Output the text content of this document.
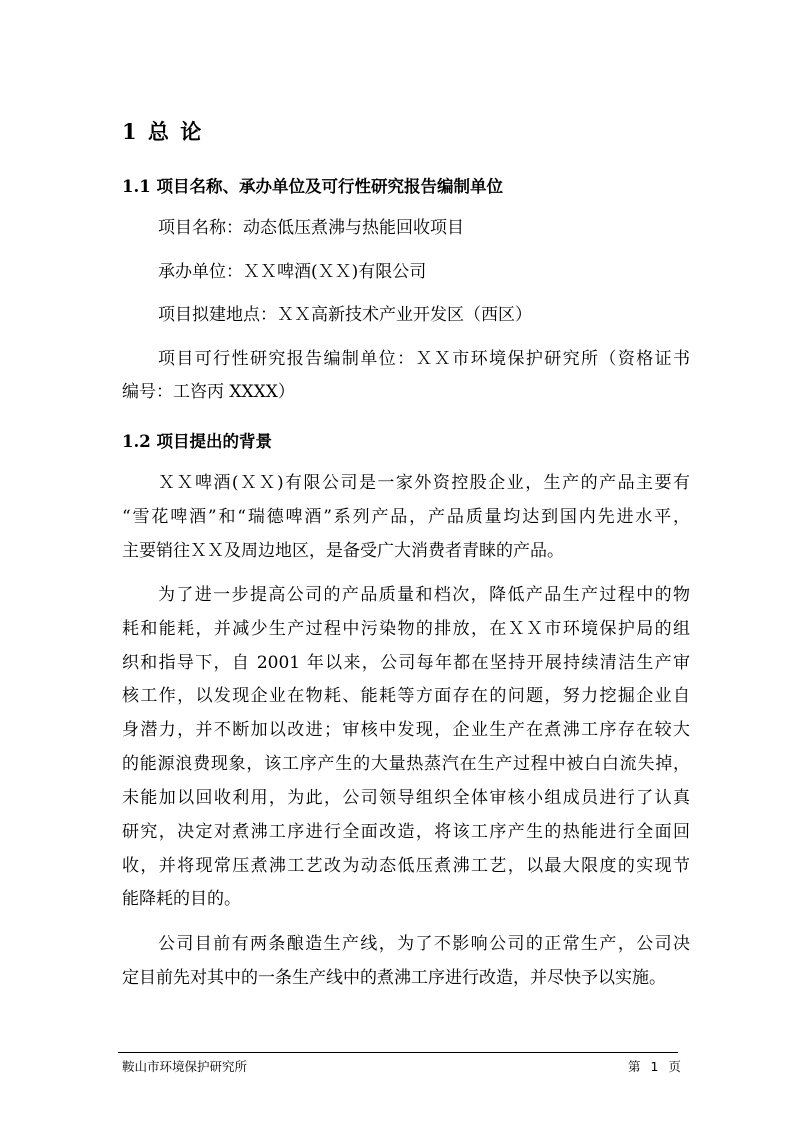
1 总 论
1.1 项目名称、承办单位及可行性研究报告编制单位
项目名称：动态低压煮沸与热能回收项目
承办单位：ＸＸ啤酒(ＸＸ)有限公司
项目拟建地点：ＸＸ高新技术产业开发区（西区）
项目可行性研究报告编制单位：ＸＸ市环境保护研究所（资格证书
编号：工咨丙 XXXX）
1.2 项目提出的背景
ＸＸ啤酒(ＸＸ)有限公司是一家外资控股企业，生产的产品主要有
“雪花啤酒”和“瑞德啤酒”系列产品，产品质量均达到国内先进水平，
主要销往ＸＸ及周边地区，是备受广大消费者青睐的产品。
为了进一步提高公司的产品质量和档次，降低产品生产过程中的物
耗和能耗，并减少生产过程中污染物的排放，在ＸＸ市环境保护局的组
织和指导下，自 2001 年以来，公司每年都在坚持开展持续清洁生产审
核工作，以发现企业在物耗、能耗等方面存在的问题，努力挖掘企业自
身潜力，并不断加以改进；审核中发现，企业生产在煮沸工序存在较大
的能源浪费现象，该工序产生的大量热蒸汽在生产过程中被白白流失掉，
未能加以回收利用，为此，公司领导组织全体审核小组成员进行了认真
研究，决定对煮沸工序进行全面改造，将该工序产生的热能进行全面回
收，并将现常压煮沸工艺改为动态低压煮沸工艺，以最大限度的实现节
能降耗的目的。
公司目前有两条酿造生产线，为了不影响公司的正常生产，公司决
定目前先对其中的一条生产线中的煮沸工序进行改造，并尽快予以实施。
鞍山市环境保护研究所	第 1 页
